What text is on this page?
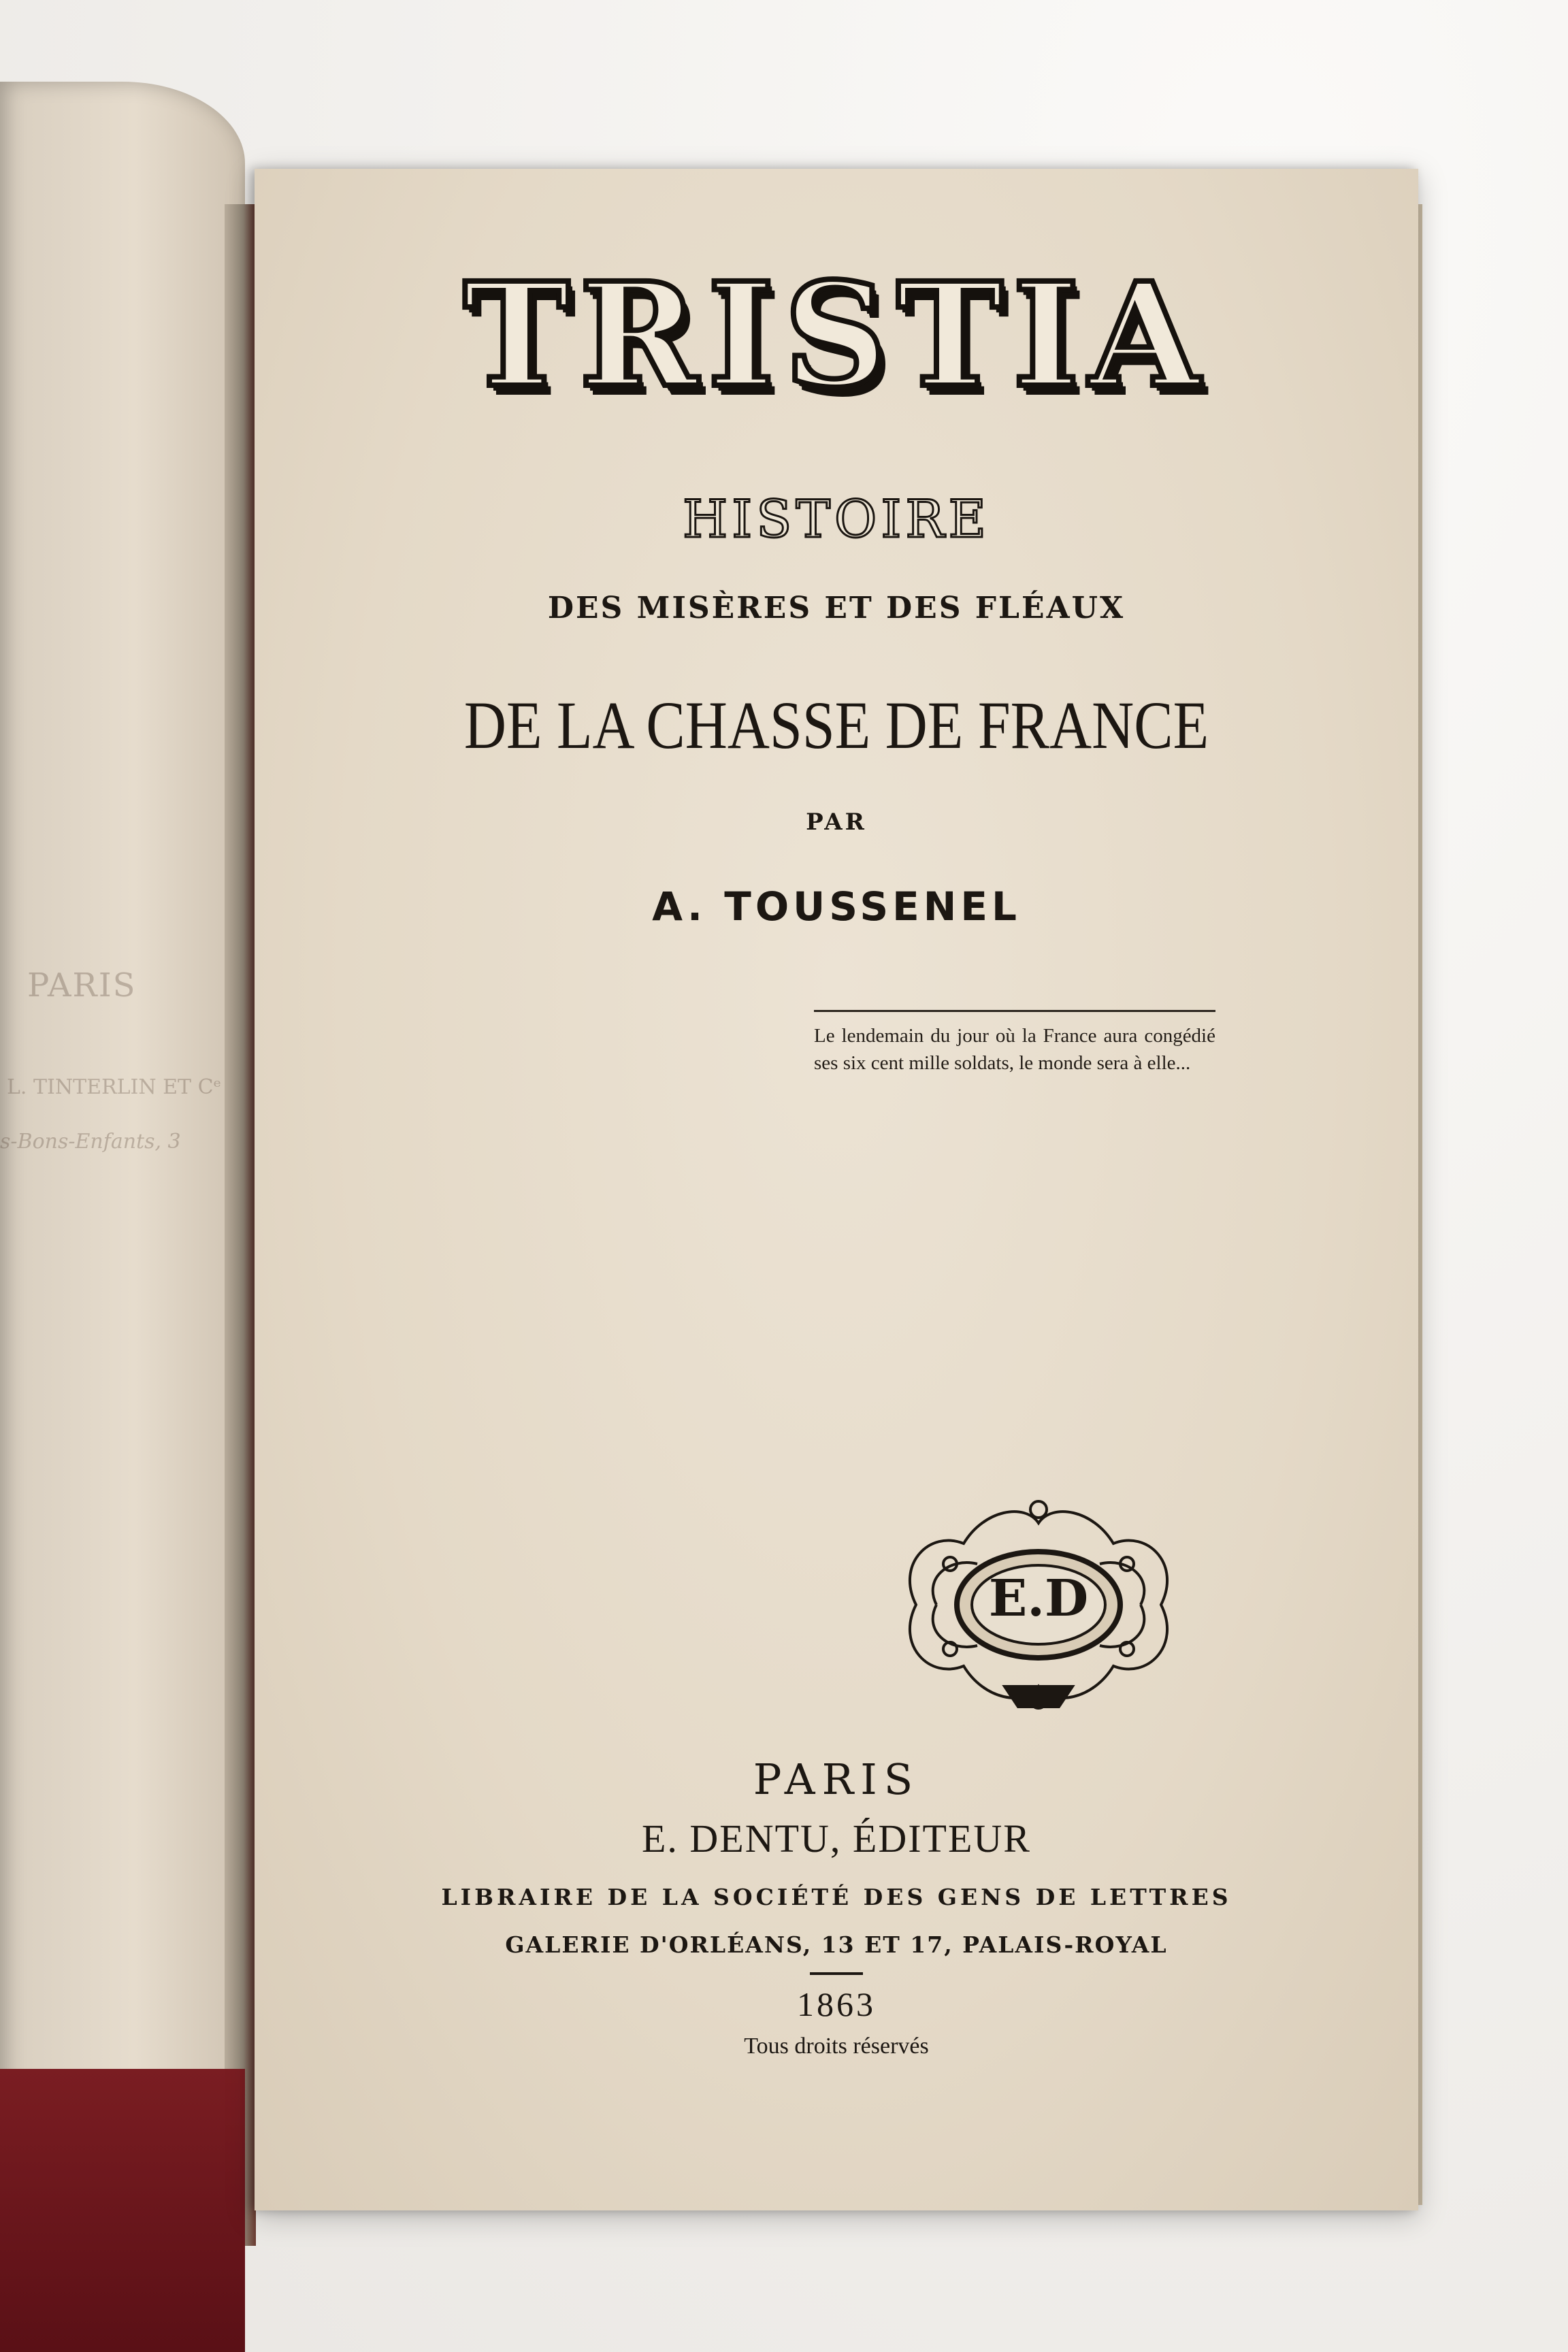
PARIS
L. TINTERLIN ET Cᵉ
s-Bons-Enfants, 3
TRISTIA
HISTOIRE
DES MISÈRES ET DES FLÉAUX
DE LA CHASSE DE FRANCE
PAR
A. TOUSSENEL
Le lendemain du jour où la France aura congédié ses six cent mille soldats, le monde sera à elle...
E.D
PARIS
E. DENTU, ÉDITEUR
LIBRAIRE DE LA SOCIÉTÉ DES GENS DE LETTRES
GALERIE D'ORLÉANS, 13 ET 17, PALAIS-ROYAL
1863
Tous droits réservés
